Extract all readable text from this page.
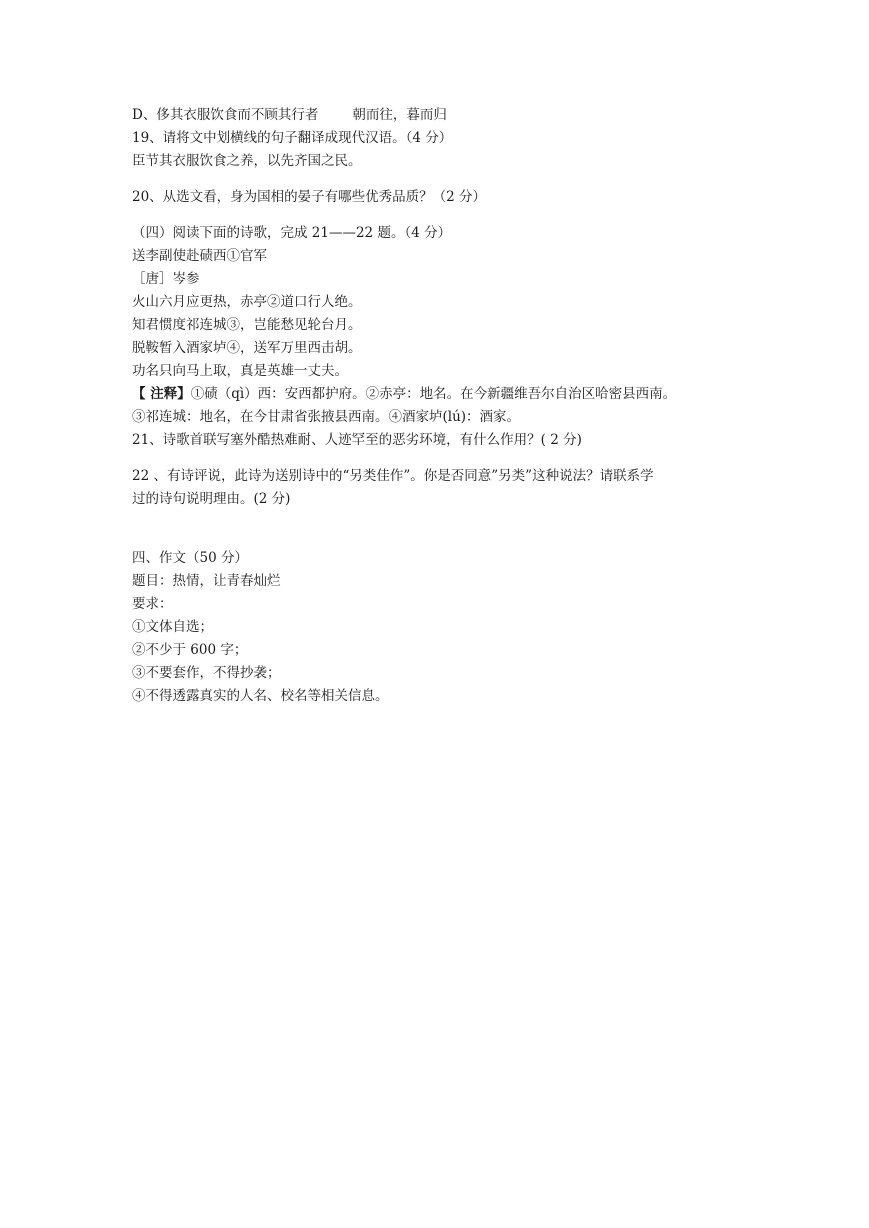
D、侈其衣服饮食而不顾其行者	朝而往，暮而归
19、请将文中划横线的句子翻译成现代汉语。（4 分）
臣节其衣服饮食之养，以先齐国之民。
20、从选文看，身为国相的晏子有哪些优秀品质？（2 分）
（四）阅读下面的诗歌，完成 21——22 题。（4 分）
送李副使赴碛西①官军
［唐］岑参
火山六月应更热，赤亭②道口行人绝。
知君惯度祁连城③，岂能愁见轮台月。
脱鞍暂入酒家垆④，送军万里西击胡。
功名只向马上取，真是英雄一丈夫。
【 注释】①碛（qì）西：安西都护府。②赤亭：地名。在今新疆维吾尔自治区哈密县西南。
③祁连城：地名，在今甘肃省张掖县西南。④酒家垆(lú)：酒家。
21、诗歌首联写塞外酷热难耐、人迹罕至的恶劣环境，有什么作用？( 2 分)
22 、有诗评说，此诗为送别诗中的“另类佳作”。你是否同意”另类”这种说法？请联系学
过的诗句说明理由。(2 分)
四、作文（50 分）
题目：热情，让青春灿烂
要求：
①文体自选；
②不少于 600 字；
③不要套作，不得抄袭；
④不得透露真实的人名、校名等相关信息。
